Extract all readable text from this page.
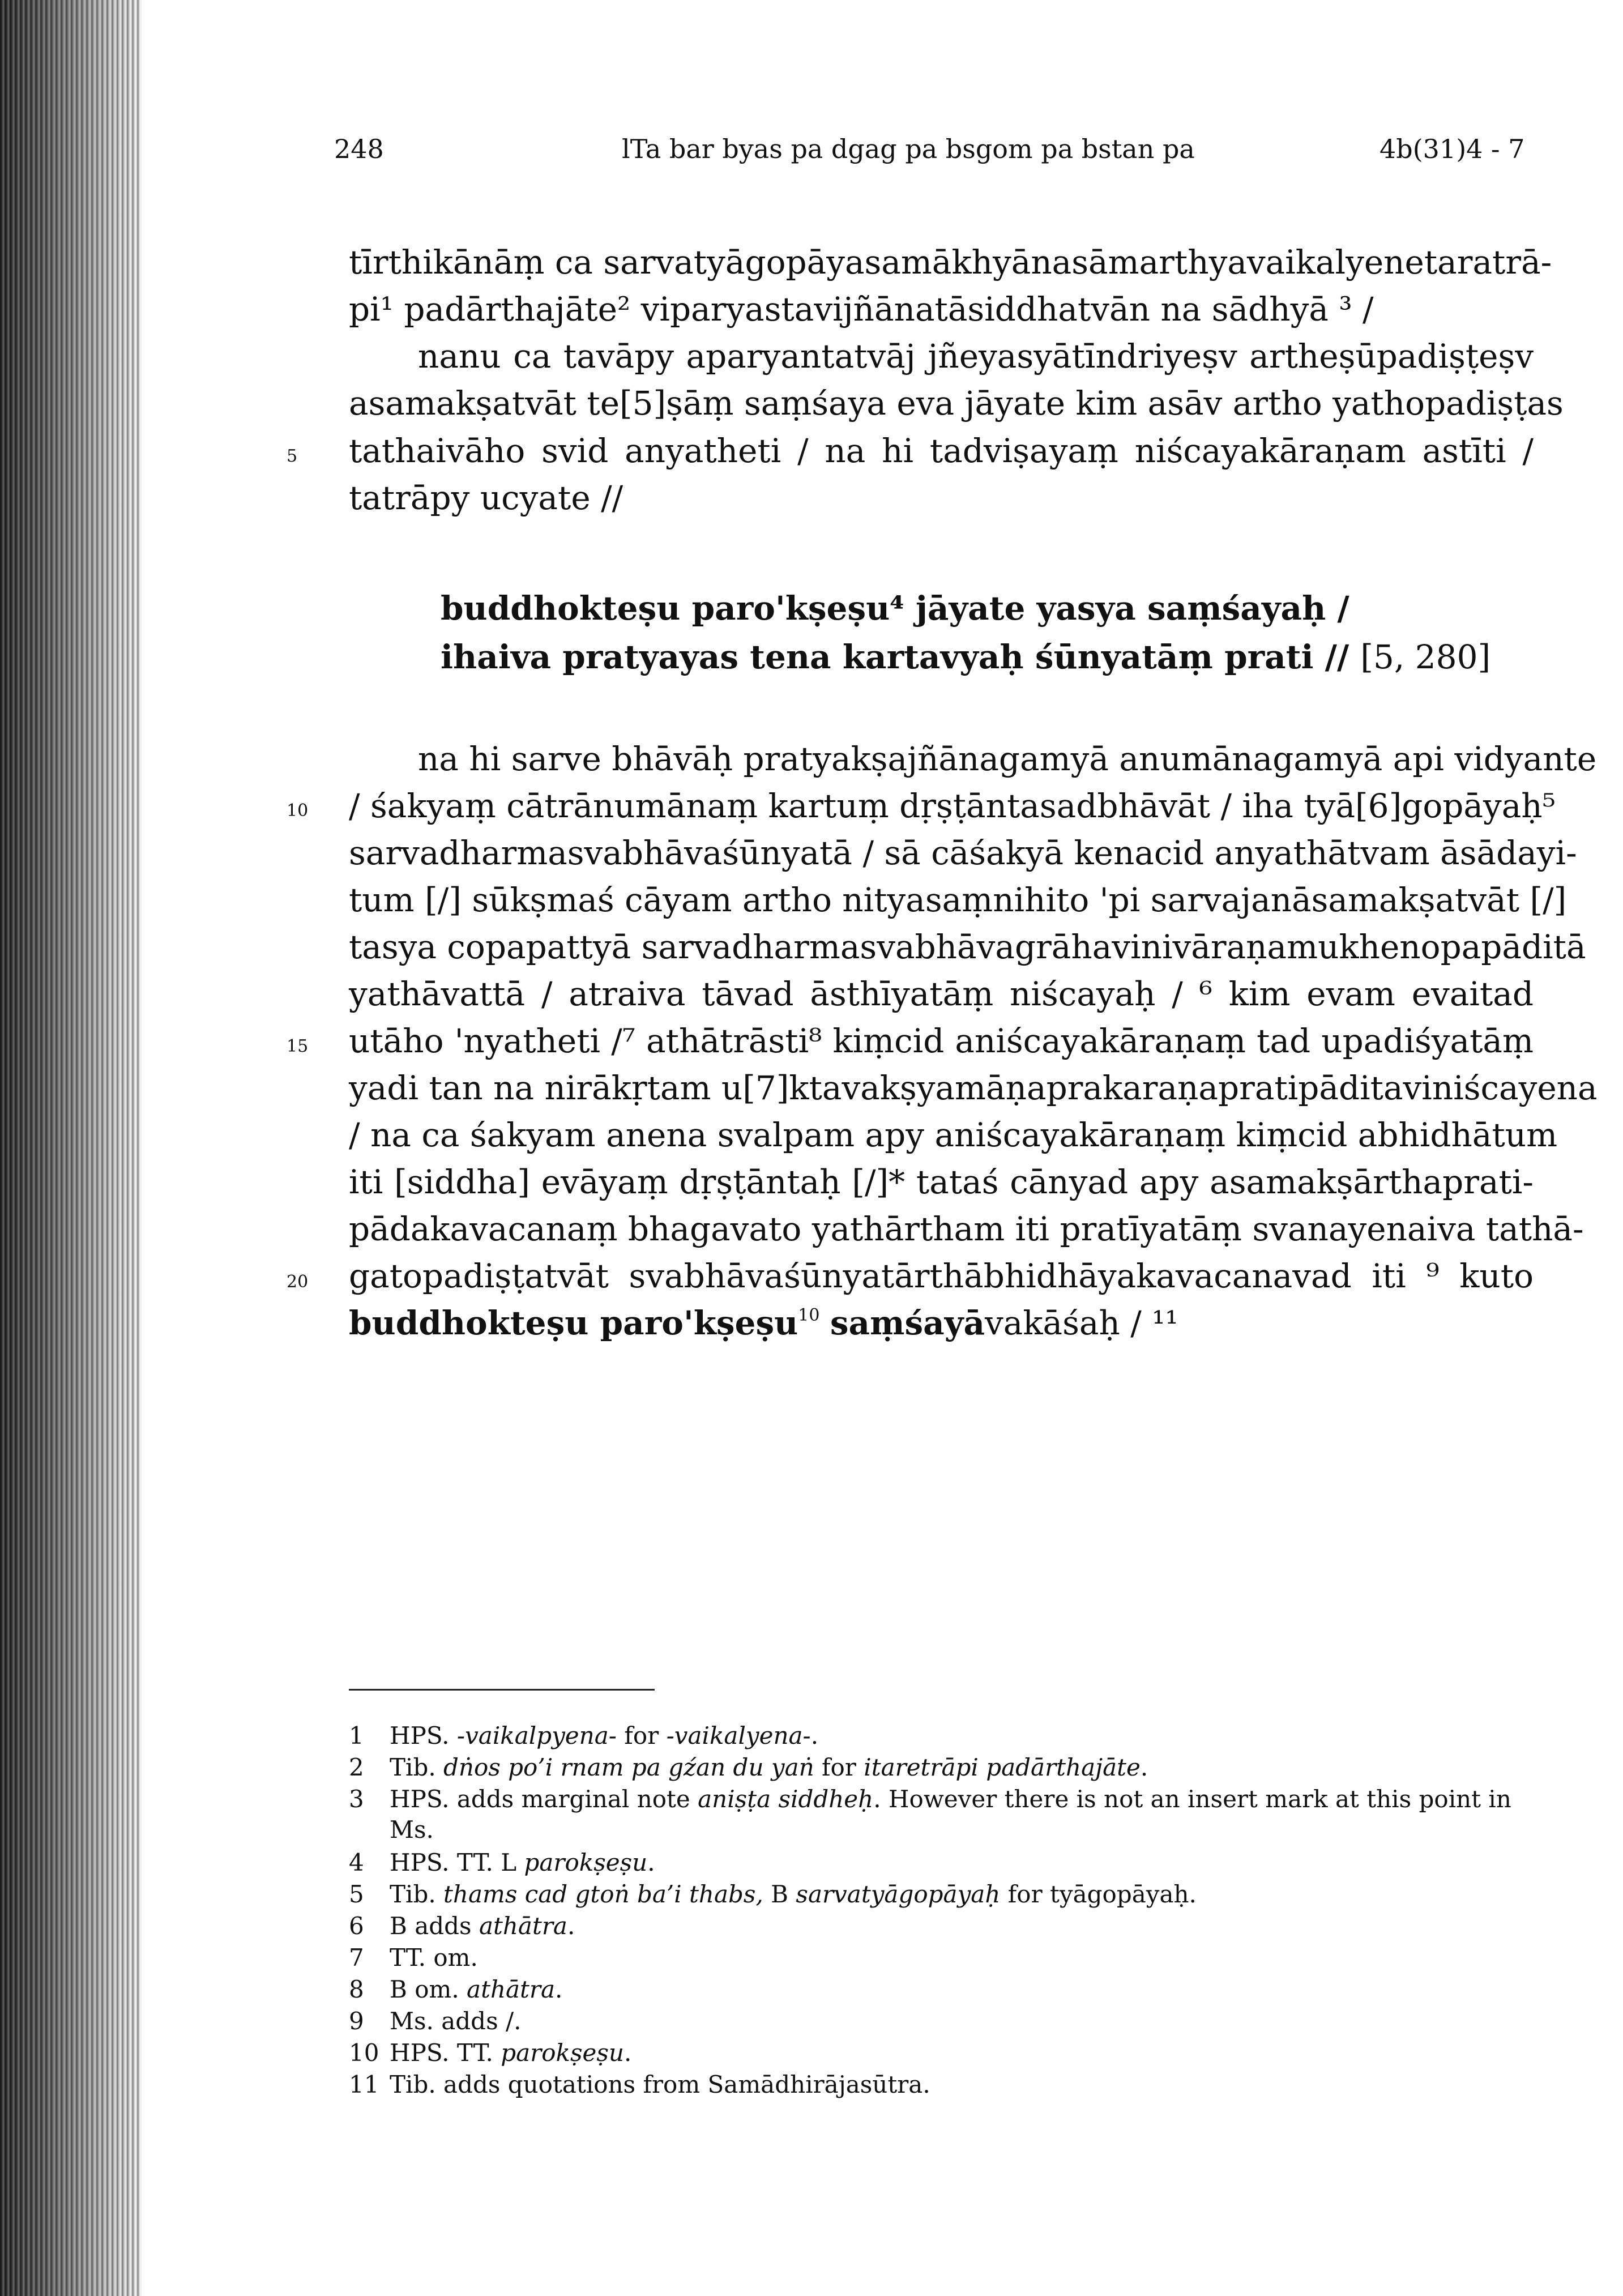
248	lTa bar byas pa dgag pa bsgom pa bstan pa	4b(31)4 - 7
tīrthikānāṃ ca sarvatyāgopāyasamākhyānasāmarthyavaikalyenetaratrā-
pi¹ padārthajāte² viparyastavijñānatāsiddhatvān na sādhyā ³ /
nanu ca tavāpy aparyantatvāj jñeyasyātīndriyeṣv artheṣūpadiṣṭeṣv
asamakṣatvāt te[5]ṣāṃ saṃśaya eva jāyate kim asāv artho yathopadiṣṭas
tathaivāho svid anyatheti / na hi tadviṣayaṃ niścayakāraṇam astīti /
tatrāpy ucyate //
buddhokteṣu paro'kṣeṣu⁴ jāyate yasya saṃśayaḥ /
ihaiva pratyayas tena kartavyaḥ śūnyatāṃ prati // [5, 280]
na hi sarve bhāvāḥ pratyakṣajñānagamyā anumānagamyā api vidyante
/ śakyaṃ cātrānumānaṃ kartuṃ dṛṣṭāntasadbhāvāt / iha tyā[6]gopāyaḥ⁵
sarvadharmasvabhāvaśūnyatā / sā cāśakyā kenacid anyathātvam āsādayi-
tum [/] sūkṣmaś cāyam artho nityasaṃnihito 'pi sarvajanāsamakṣatvāt [/]
tasya copapattyā sarvadharmasvabhāvagrāhavinivāraṇamukhenopapāditā
yathāvattā / atraiva tāvad āsthīyatāṃ niścayaḥ / ⁶ kim evam evaitad
utāho 'nyatheti /⁷ athātrāsti⁸ kiṃcid aniścayakāraṇaṃ tad upadiśyatāṃ
yadi tan na nirākṛtam u[7]ktavakṣyamāṇaprakaraṇapratipāditaviniścayena
/ na ca śakyam anena svalpam apy aniścayakāraṇaṃ kiṃcid abhidhātum
iti [siddha] evāyaṃ dṛṣṭāntaḥ [/]* tataś cānyad apy asamakṣārthaprati-
pādakavacanaṃ bhagavato yathārtham iti pratīyatāṃ svanayenaiva tathā-
gatopadiṣṭatvāt svabhāvaśūnyatārthābhidhāyakavacanavad iti ⁹ kuto
buddhokteṣu paro'kṣeṣu$^{10}$ saṃśayāvakāśaḥ / ¹¹
5
10
15
20
1 HPS. -vaikalpyena- for -vaikalyena-.
2 Tib. dṅos po’i rnam pa gźan du yaṅ for itaretrāpi padārthajāte.
3 HPS. adds marginal note aniṣṭa siddheḥ. However there is not an insert mark at this point in Ms.
4 HPS. TT. L parokṣeṣu.
5 Tib. thams cad gtoṅ ba’i thabs, B sarvatyāgopāyaḥ for tyāgopāyaḥ.
6 B adds athātra.
7 TT. om.
8 B om. athātra.
9 Ms. adds /.
10 HPS. TT. parokṣeṣu.
11 Tib. adds quotations from Samādhirājasūtra.
